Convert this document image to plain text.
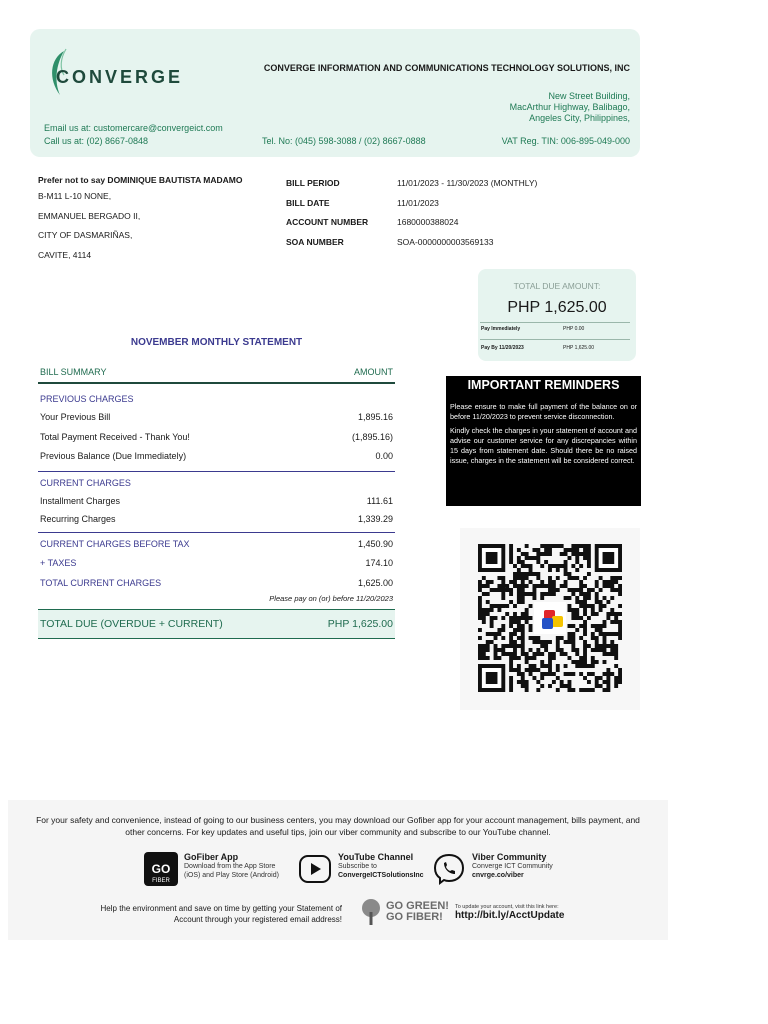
CONVERGE	CONVERGE INFORMATION AND COMMUNICATIONS TECHNOLOGY SOLUTIONS, INC
New Street Building,
MacArthur Highway, Balibago,
Angeles City, Philippines,
Email us at: customercare@convergeict.com
Call us at: (02) 8667-0848	Tel. No: (045) 598-3088 / (02) 8667-0888	VAT Reg. TIN: 006-895-049-000
Prefer not to say DOMINIQUE BAUTISTA MADAMO
B-M11 L-10 NONE,
EMMANUEL BERGADO II,
CITY OF DASMARIÑAS,
CAVITE, 4114
BILL PERIOD	11/01/2023 - 11/30/2023 (MONTHLY)
BILL DATE	11/01/2023
ACCOUNT NUMBER	1680000388024
SOA NUMBER	SOA-0000000003569133
TOTAL DUE AMOUNT:
PHP 1,625.00
Pay Immediately	PHP 0.00
Pay By 11/20/2023	PHP 1,625.00
NOVEMBER MONTHLY STATEMENT
BILL SUMMARY	AMOUNT
PREVIOUS CHARGES
Your Previous Bill	1,895.16
Total Payment Received - Thank You!	(1,895.16)
Previous Balance (Due Immediately)	0.00
CURRENT CHARGES
Installment Charges	111.61
Recurring Charges	1,339.29
CURRENT CHARGES BEFORE TAX	1,450.90
+ TAXES	174.10
TOTAL CURRENT CHARGES	1,625.00
Please pay on (or) before 11/20/2023
TOTAL DUE (OVERDUE + CURRENT)	PHP 1,625.00
IMPORTANT REMINDERS
Please ensure to make full payment of the balance on or before 11/20/2023 to prevent service disconnection.
Kindly check the charges in your statement of account and advise our customer service for any discrepancies within 15 days from statement date. Should there be no raised issue, charges in the statement will be considered correct.
For your safety and convenience, instead of going to our business centers, you may download our Gofiber app for your account management, bills payment, and other concerns. For key updates and useful tips, join our viber community and subscribe to our YouTube channel.
GO
FIBER
GoFiber App
Download from the App Store
(iOS) and Play Store (Android)
YouTube Channel
Subscribe to
ConvergeICTSolutionsInc
Viber Community
Converge ICT Community
cnvrge.co/viber
Help the environment and save on time by getting your Statement of Account through your registered email address!
GO GREEN!
GO FIBER!
To update your account, visit this link here:
http://bit.ly/AcctUpdate
